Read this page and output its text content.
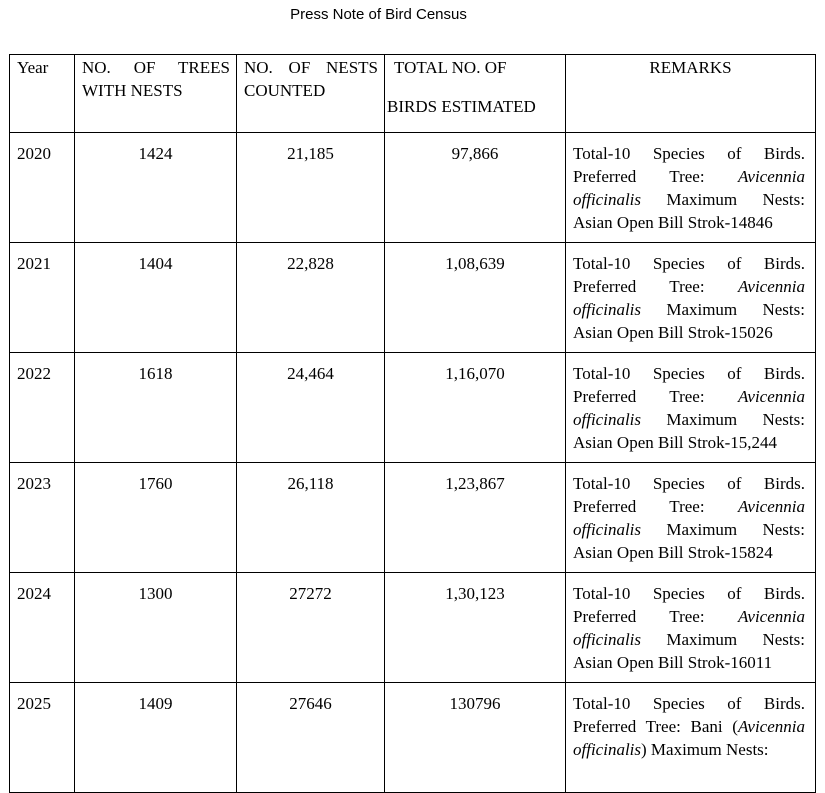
Press Note of Bird Census
Year	NO. OF TREES WITH NESTS	NO. OF NESTS COUNTED	TOTAL NO. OF
BIRDS ESTIMATED	REMARKS

2020	1424	21,185	97,866	Total-10 Species of Birds. Preferred Tree: Avicennia officinalis Maximum Nests: Asian Open Bill Strok-14846

2021	1404	22,828	1,08,639	Total-10 Species of Birds. Preferred Tree: Avicennia officinalis Maximum Nests: Asian Open Bill Strok-15026

2022	1618	24,464	1,16,070	Total-10 Species of Birds. Preferred Tree: Avicennia officinalis Maximum Nests: Asian Open Bill Strok-15,244

2023	1760	26,118	1,23,867	Total-10 Species of Birds. Preferred Tree: Avicennia officinalis Maximum Nests: Asian Open Bill Strok-15824

2024	1300	27272	1,30,123	Total-10 Species of Birds. Preferred Tree: Avicennia officinalis Maximum Nests: Asian Open Bill Strok-16011

2025	1409	27646	130796	Total-10 Species of Birds. Preferred Tree: Bani (Avicennia officinalis) Maximum Nests:
